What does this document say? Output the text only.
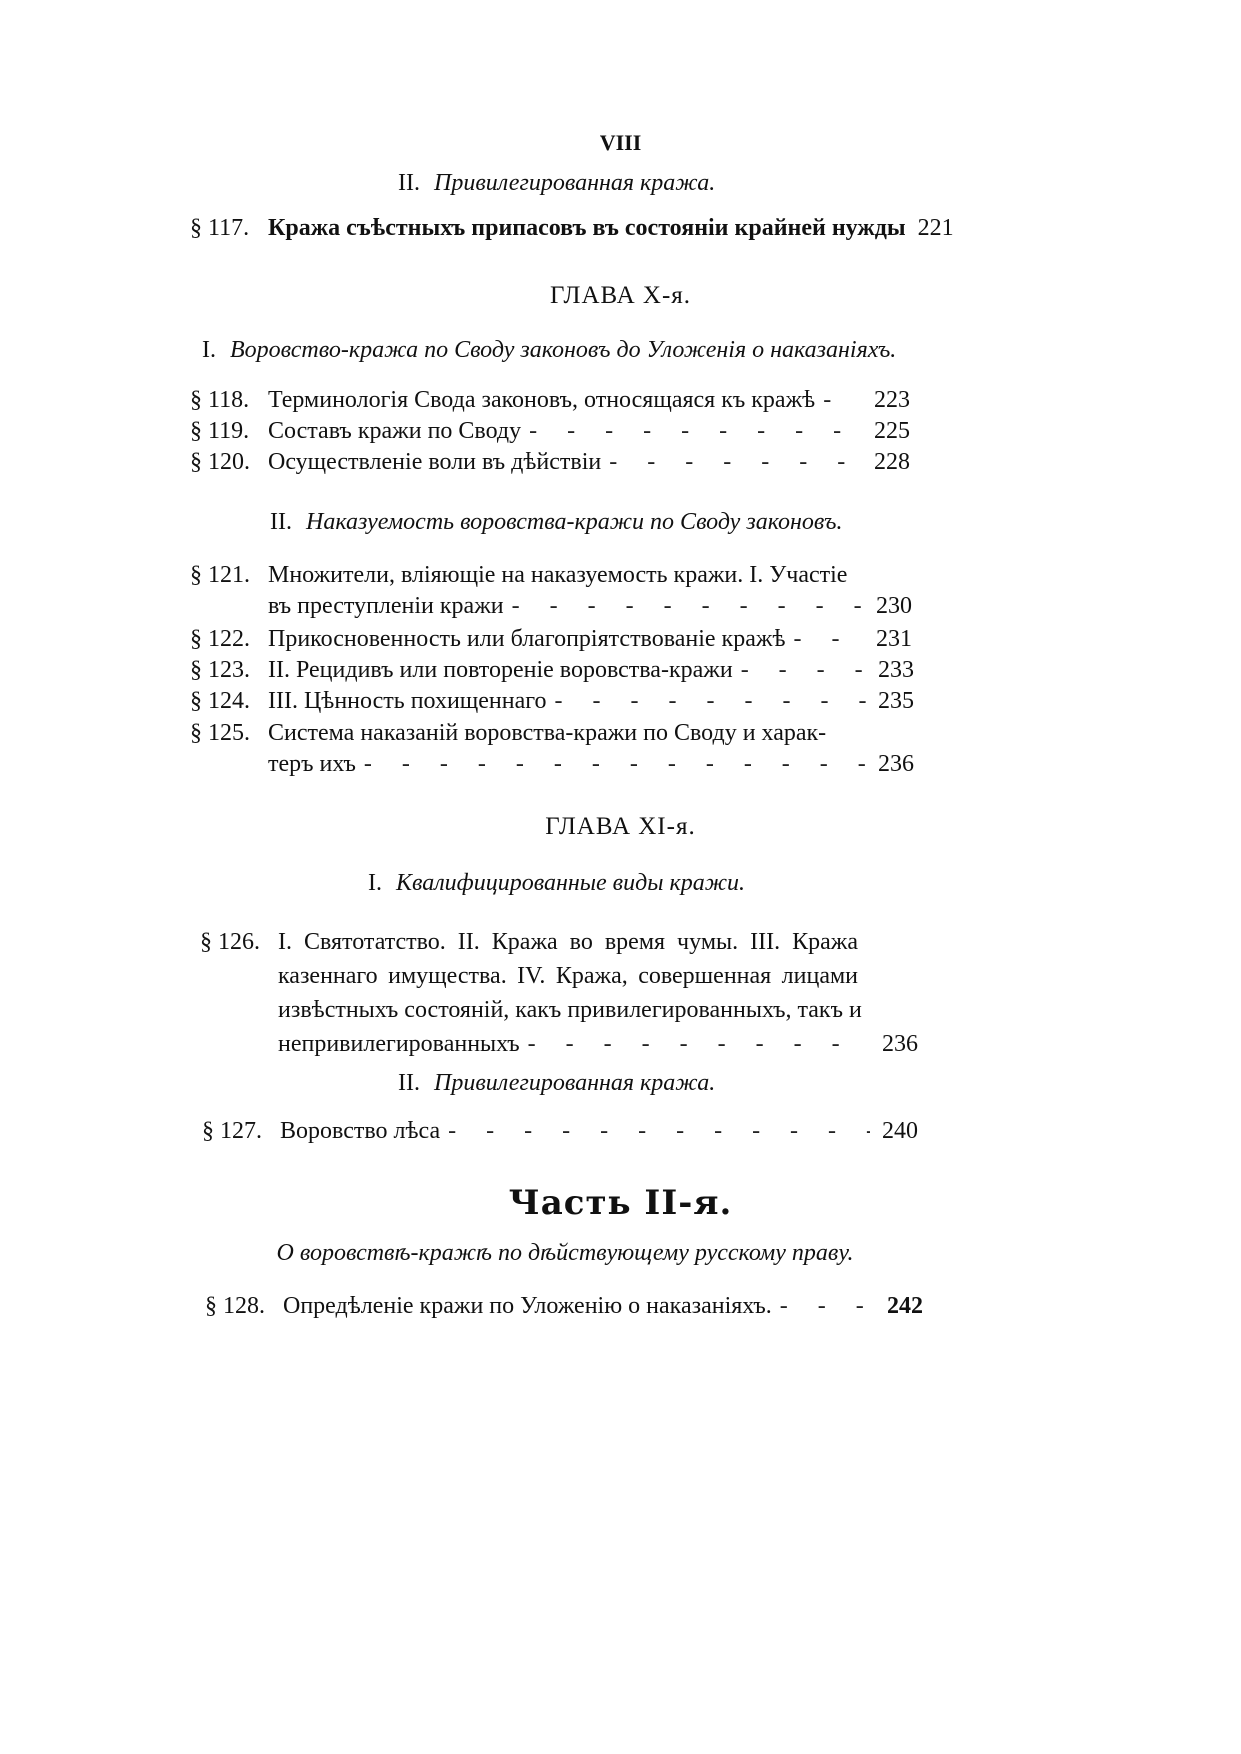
VIII
II. Привилегированная кража.
§ 117. Кража съѣстныхъ припасовъ въ состояніи крайней нужды 221
ГЛАВА X-я.
I. Воровство-кража по Своду законовъ до Уложенія о наказаніяхъ.
§ 118. Терминологія Свода законовъ, относящаяся къ кражѣ - - -	223
§ 119. Составъ кражи по Своду - - -	225
§ 120. Осуществленіе воли въ дѣйствіи - - -	228
II. Наказуемость воровства-кражи по Своду законовъ.
§ 121. Множители, вліяющіе на наказуемость кражи. I. Участіе
въ преступленіи кражи - - -	230
§ 122. Прикосновенность или благопріятствованіе кражѣ - - -	231
§ 123. II. Рецидивъ или повтореніе воровства-кражи - - -	233
§ 124. III. Цѣнность похищеннаго - - -	235
§ 125. Система наказаній воровства-кражи по Своду и харак-
теръ ихъ - - -	236
ГЛАВА XI-я.
I. Квалифицированные виды кражи.
§ 126. I. Святотатство. II. Кража во время чумы. III. Кража
казеннаго имущества. IV. Кража, совершенная лицами
извѣстныхъ состояній, какъ привилегированныхъ, такъ и
непривилегированныхъ - - -	236
II. Привилегированная кража.
§ 127. Воровство лѣса - - -	240
Часть II-я.
О воровствѣ-кражѣ по дѣйствующему русскому праву.
§ 128. Опредѣленіе кражи по Уложенію о наказаніяхъ. - - -	242
